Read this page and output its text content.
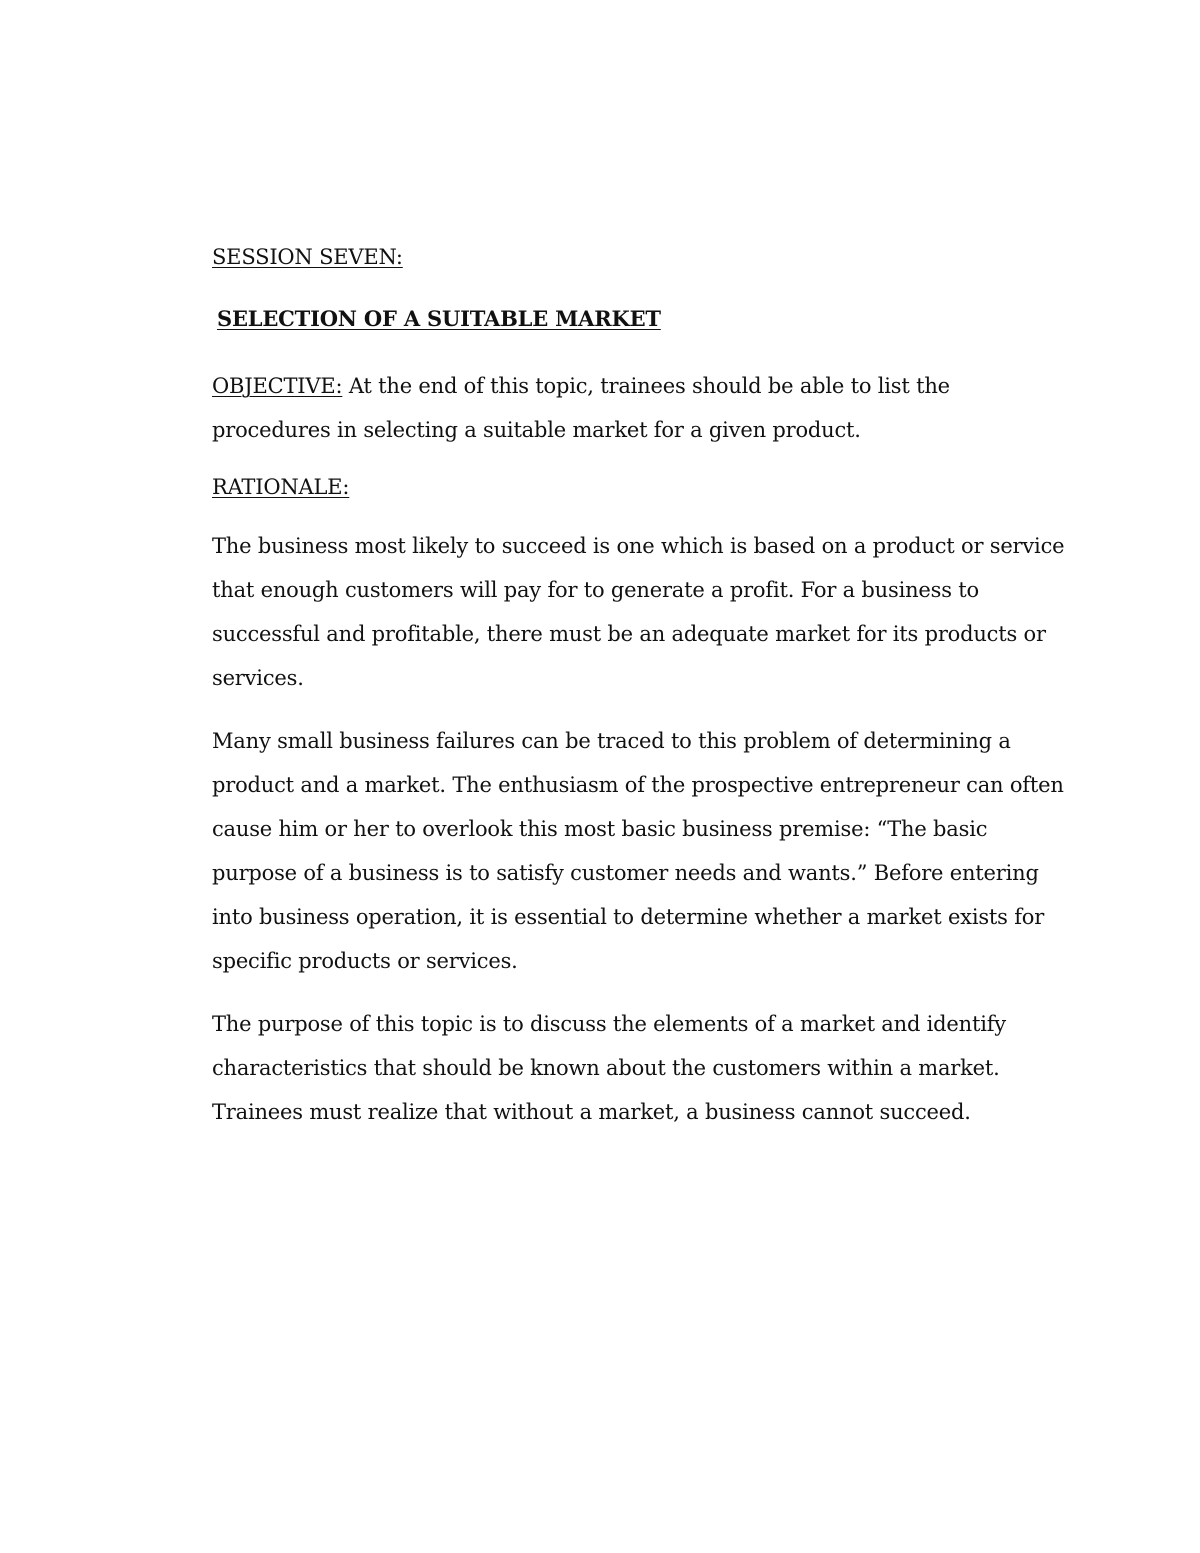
SESSION SEVEN:

SELECTION OF A SUITABLE MARKET

OBJECTIVE: At the end of this topic, trainees should be able to list the procedures in selecting a suitable market for a given product.

RATIONALE:

The business most likely to succeed is one which is based on a product or service that enough customers will pay for to generate a profit. For a business to successful and profitable, there must be an adequate market for its products or services.

Many small business failures can be traced to this problem of determining a product and a market. The enthusiasm of the prospective entrepreneur can often cause him or her to overlook this most basic business premise: “The basic purpose of a business is to satisfy customer needs and wants.” Before entering into business operation, it is essential to determine whether a market exists for specific products or services.

The purpose of this topic is to discuss the elements of a market and identify characteristics that should be known about the customers within a market. Trainees must realize that without a market, a business cannot succeed.
